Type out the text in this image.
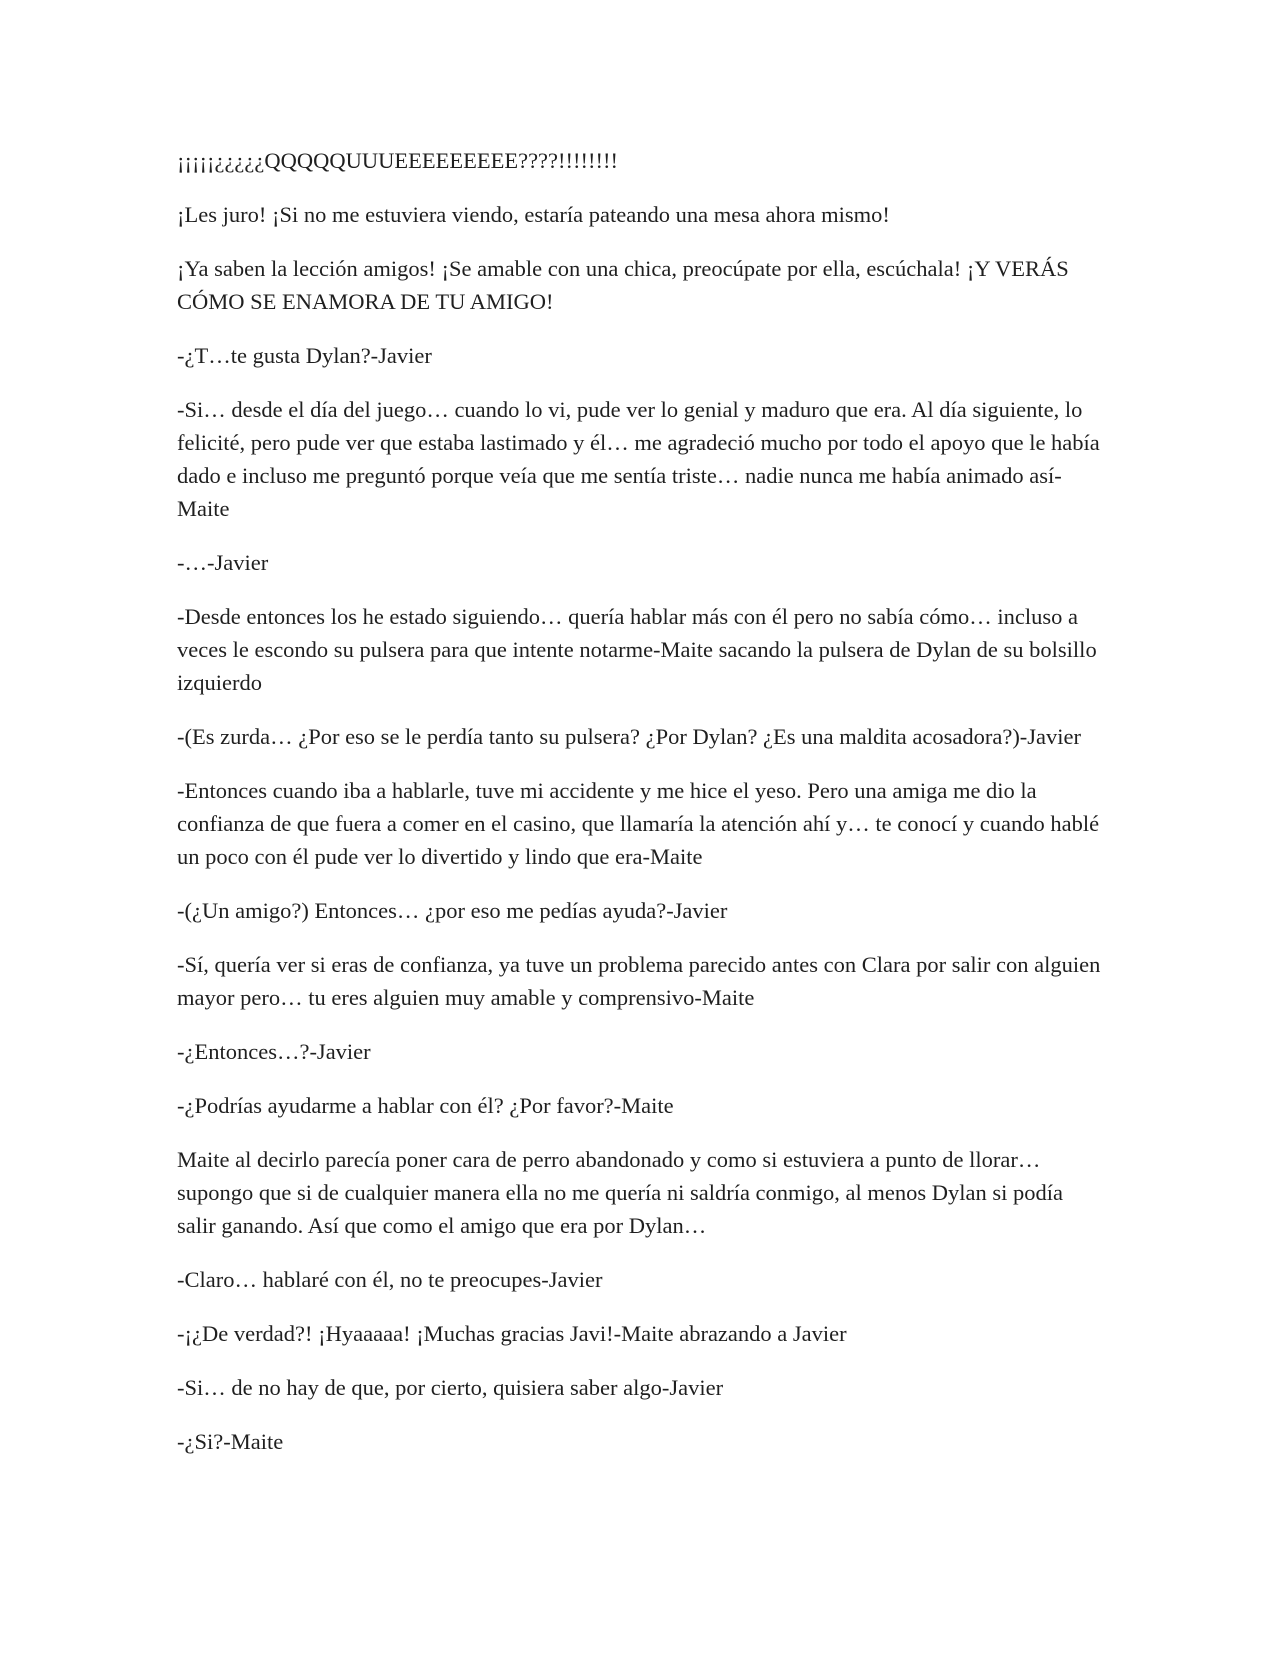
¡¡¡¡¡¿¿¿¿¿QQQQQUUUEEEEEEEEE????!!!!!!!!

¡Les juro! ¡Si no me estuviera viendo, estaría pateando una mesa ahora mismo!

¡Ya saben la lección amigos! ¡Se amable con una chica, preocúpate por ella, escúchala! ¡Y VERÁS CÓMO SE ENAMORA DE TU AMIGO!

-¿T…te gusta Dylan?-Javier

-Si… desde el día del juego… cuando lo vi, pude ver lo genial y maduro que era. Al día siguiente, lo felicité, pero pude ver que estaba lastimado y él… me agradeció mucho por todo el apoyo que le había dado e incluso me preguntó porque veía que me sentía triste… nadie nunca me había animado así-Maite

-…-Javier

-Desde entonces los he estado siguiendo… quería hablar más con él pero no sabía cómo… incluso a veces le escondo su pulsera para que intente notarme-Maite sacando la pulsera de Dylan de su bolsillo izquierdo

-(Es zurda… ¿Por eso se le perdía tanto su pulsera? ¿Por Dylan? ¿Es una maldita acosadora?)-Javier

-Entonces cuando iba a hablarle, tuve mi accidente y me hice el yeso. Pero una amiga me dio la confianza de que fuera a comer en el casino, que llamaría la atención ahí y… te conocí y cuando hablé un poco con él pude ver lo divertido y lindo que era-Maite

-(¿Un amigo?) Entonces… ¿por eso me pedías ayuda?-Javier

-Sí, quería ver si eras de confianza, ya tuve un problema parecido antes con Clara por salir con alguien mayor pero… tu eres alguien muy amable y comprensivo-Maite

-¿Entonces…?-Javier

-¿Podrías ayudarme a hablar con él? ¿Por favor?-Maite

Maite al decirlo parecía poner cara de perro abandonado y como si estuviera a punto de llorar… supongo que si de cualquier manera ella no me quería ni saldría conmigo, al menos Dylan si podía salir ganando. Así que como el amigo que era por Dylan…

-Claro… hablaré con él, no te preocupes-Javier

-¡¿De verdad?! ¡Hyaaaaa! ¡Muchas gracias Javi!-Maite abrazando a Javier

-Si… de no hay de que, por cierto, quisiera saber algo-Javier

-¿Si?-Maite
